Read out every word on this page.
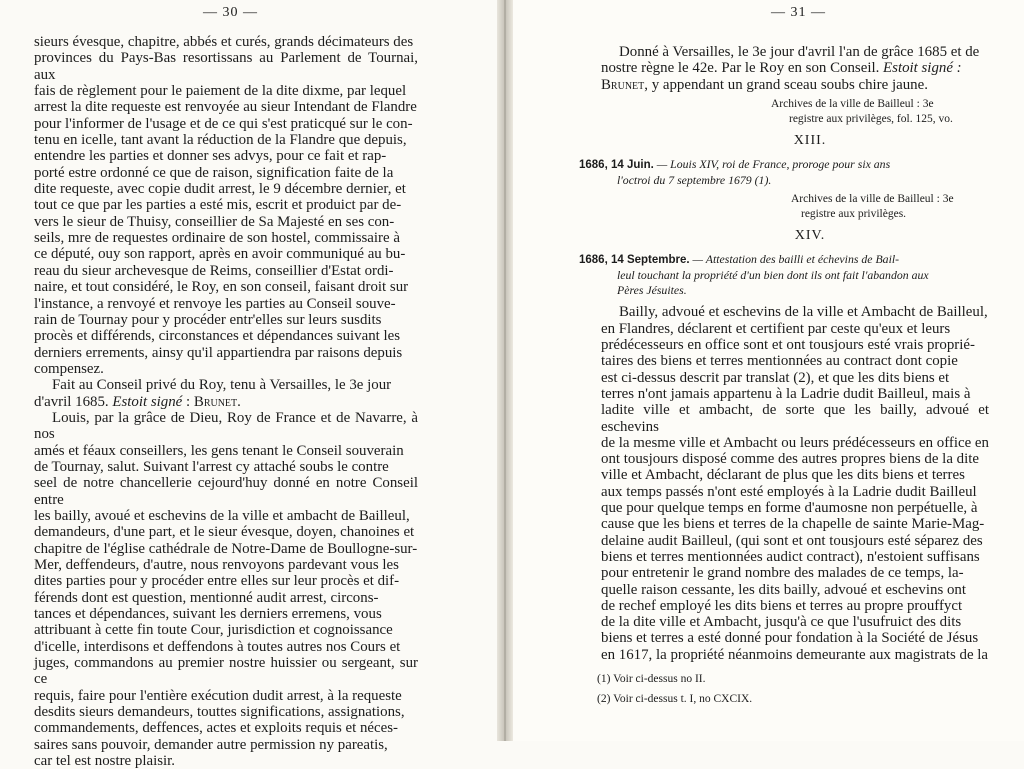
— 30 —

sieurs évesque, chapitre, abbés et curés, grands décimateurs des

provinces du Pays-Bas resortissans au Parlement de Tournai, aux

fais de règlement pour le paiement de la dite dixme, par lequel

arrest la dite requeste est renvoyée au sieur Intendant de Flandre

pour l'informer de l'usage et de ce qui s'est praticqué sur le con-

tenu en icelle, tant avant la réduction de la Flandre que depuis,

entendre les parties et donner ses advys, pour ce fait et rap-

porté estre ordonné ce que de raison, signification faite de la

dite requeste, avec copie dudit arrest, le 9 décembre dernier, et

tout ce que par les parties a esté mis, escrit et produict par de-

vers le sieur de Thuisy, conseillier de Sa Majesté en ses con-

seils, mre de requestes ordinaire de son hostel, commissaire à

ce député, ouy son rapport, après en avoir communiqué au bu-

reau du sieur archevesque de Reims, conseillier d'Estat ordi-

naire, et tout considéré, le Roy, en son conseil, faisant droit sur

l'instance, a renvoyé et renvoye les parties au Conseil souve-

rain de Tournay pour y procéder entr'elles sur leurs susdits

procès et différends, circonstances et dépendances suivant les

derniers errements, ainsy qu'il appartiendra par raisons depuis

compensez.

Fait au Conseil privé du Roy, tenu à Versailles, le 3e jour

d'avril 1685. Estoit signé : Brunet.

Louis, par la grâce de Dieu, Roy de France et de Navarre, à nos

amés et féaux conseillers, les gens tenant le Conseil souverain

de Tournay, salut. Suivant l'arrest cy attaché soubs le contre

seel de notre chancellerie cejourd'huy donné en notre Conseil entre

les bailly, avoué et eschevins de la ville et ambacht de Bailleul,

demandeurs, d'une part, et le sieur évesque, doyen, chanoines et

chapitre de l'église cathédrale de Notre-Dame de Boullogne-sur-

Mer, deffendeurs, d'autre, nous renvoyons pardevant vous les

dites parties pour y procéder entre elles sur leur procès et dif-

férends dont est question, mentionné audit arrest, circons-

tances et dépendances, suivant les derniers erremens, vous

attribuant à cette fin toute Cour, jurisdiction et cognoissance

d'icelle, interdisons et deffendons à toutes autres nos Cours et

juges, commandons au premier nostre huissier ou sergeant, sur ce

requis, faire pour l'entière exécution dudit arrest, à la requeste

desdits sieurs demandeurs, touttes significations, assignations,

commandements, deffences, actes et exploits requis et néces-

saires sans pouvoir, demander autre permission ny pareatis,

car tel est nostre plaisir.

— 31 —

Donné à Versailles, le 3e jour d'avril l'an de grâce 1685 et de

nostre règne le 42e. Par le Roy en son Conseil. Estoit signé :

Brunet, y appendant un grand sceau soubs chire jaune.

Archives de la ville de Bailleul : 3e
registre aux privilèges, fol. 125, vo.
XIII.
1686, 14 Juin. — Louis XIV, roi de France, proroge pour six ans
l'octroi du 7 septembre 1679 (1).
Archives de la ville de Bailleul : 3e
registre aux privilèges.
XIV.
1686, 14 Septembre. — Attestation des bailli et échevins de Bail-
leul touchant la propriété d'un bien dont ils ont fait l'abandon aux
Pères Jésuites.

Bailly, advoué et eschevins de la ville et Ambacht de Bailleul,

en Flandres, déclarent et certifient par ceste qu'eux et leurs

prédécesseurs en office sont et ont tousjours esté vrais proprié-

taires des biens et terres mentionnées au contract dont copie

est ci-dessus descrit par translat (2), et que les dits biens et

terres n'ont jamais appartenu à la Ladrie dudit Bailleul, mais à

ladite ville et ambacht, de sorte que les bailly, advoué et eschevins

de la mesme ville et Ambacht ou leurs prédécesseurs en office en

ont tousjours disposé comme des autres propres biens de la dite

ville et Ambacht, déclarant de plus que les dits biens et terres

aux temps passés n'ont esté employés à la Ladrie dudit Bailleul

que pour quelque temps en forme d'aumosne non perpétuelle, à

cause que les biens et terres de la chapelle de sainte Marie-Mag-

delaine audit Bailleul, (qui sont et ont tousjours esté séparez des

biens et terres mentionnées audict contract), n'estoient suffisans

pour entretenir le grand nombre des malades de ce temps, la-

quelle raison cessante, les dits bailly, advoué et eschevins ont

de rechef employé les dits biens et terres au propre prouffyct

de la dite ville et Ambacht, jusqu'à ce que l'usufruict des dits

biens et terres a esté donné pour fondation à la Société de Jésus

en 1617, la propriété néanmoins demeurante aux magistrats de la

(1) Voir ci-dessus no II.

(2) Voir ci-dessus t. I, no CXCIX.
